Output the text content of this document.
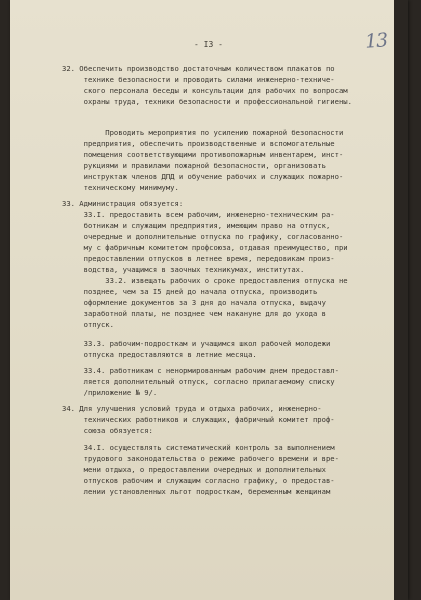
13
- I3 -
32. Обеспечить производство достаточным количеством плакатов по
технике безопасности и проводить силами инженерно-техниче-
ского персонала беседы и консультации для рабочих по вопросам
охраны труда, техники безопасности и профессиональной гигиены.
Проводить мероприятия по усилению пожарной безопасности
предприятия, обеспечить производственные и вспомогательные
помещения соответствующими противопожарным инвентарем, инст-
рукциями и правилами пожарной безопасности, организовать
инструктаж членов ДПД и обучение рабочих и служащих пожарно-
техническому минимуму.
33. Администрация обязуется:
33.I. предоставить всем рабочим, инженерно-техническим ра-
ботникам и служащим предприятия, имеющим право на отпуск,
очередные и дополнительные отпуска по графику, согласованно-
му с фабричным комитетом профсоюза, отдавая преимущество, при
предоставлении отпусков в летнее время, передовикам произ-
водства, учащимся в заочных техникумах, институтах.
33.2. извещать рабочих о сроке предоставления отпуска не
позднее, чем за I5 дней до начала отпуска, производить
оформление документов за 3 дня до начала отпуска, выдачу
заработной платы, не позднее чем накануне для до ухода в
отпуск.
33.3. рабочим-подросткам и учащимся школ рабочей молодежи
отпуска предоставляются в летние месяца.
33.4. работникам с ненормированным рабочим днем предоставл-
ляется дополнительный отпуск, согласно прилагаемому списку
/приложение № 9/.
34. Для улучшения условий труда и отдыха рабочих, инженерно-
технических работников и служащих, фабричный комитет проф-
союза обязуется:
34.I. осуществлять систематический контроль за выполнением
трудового законодательства о режиме рабочего времени и вре-
мени отдыха, о предоставлении очередных и дополнительных
отпусков рабочим и служащим согласно графику, о предостав-
лении установленных льгот подросткам, беременным женщинам
